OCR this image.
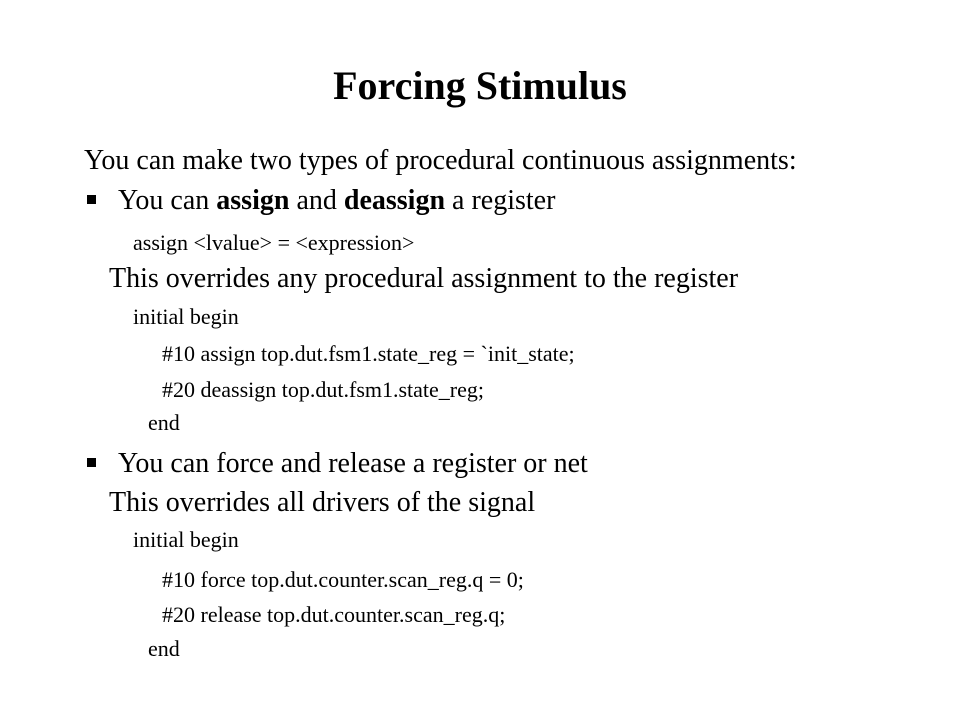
Forcing Stimulus
You can make two types of procedural continuous assignments:
You can assign and deassign a register
assign <lvalue> = <expression>
This overrides any procedural assignment to the register
initial begin
#10 assign top.dut.fsm1.state_reg = `init_state;
#20 deassign top.dut.fsm1.state_reg;
end
You can force and release a register or net
This overrides all drivers of the signal
initial begin
#10 force top.dut.counter.scan_reg.q = 0;
#20 release top.dut.counter.scan_reg.q;
end
